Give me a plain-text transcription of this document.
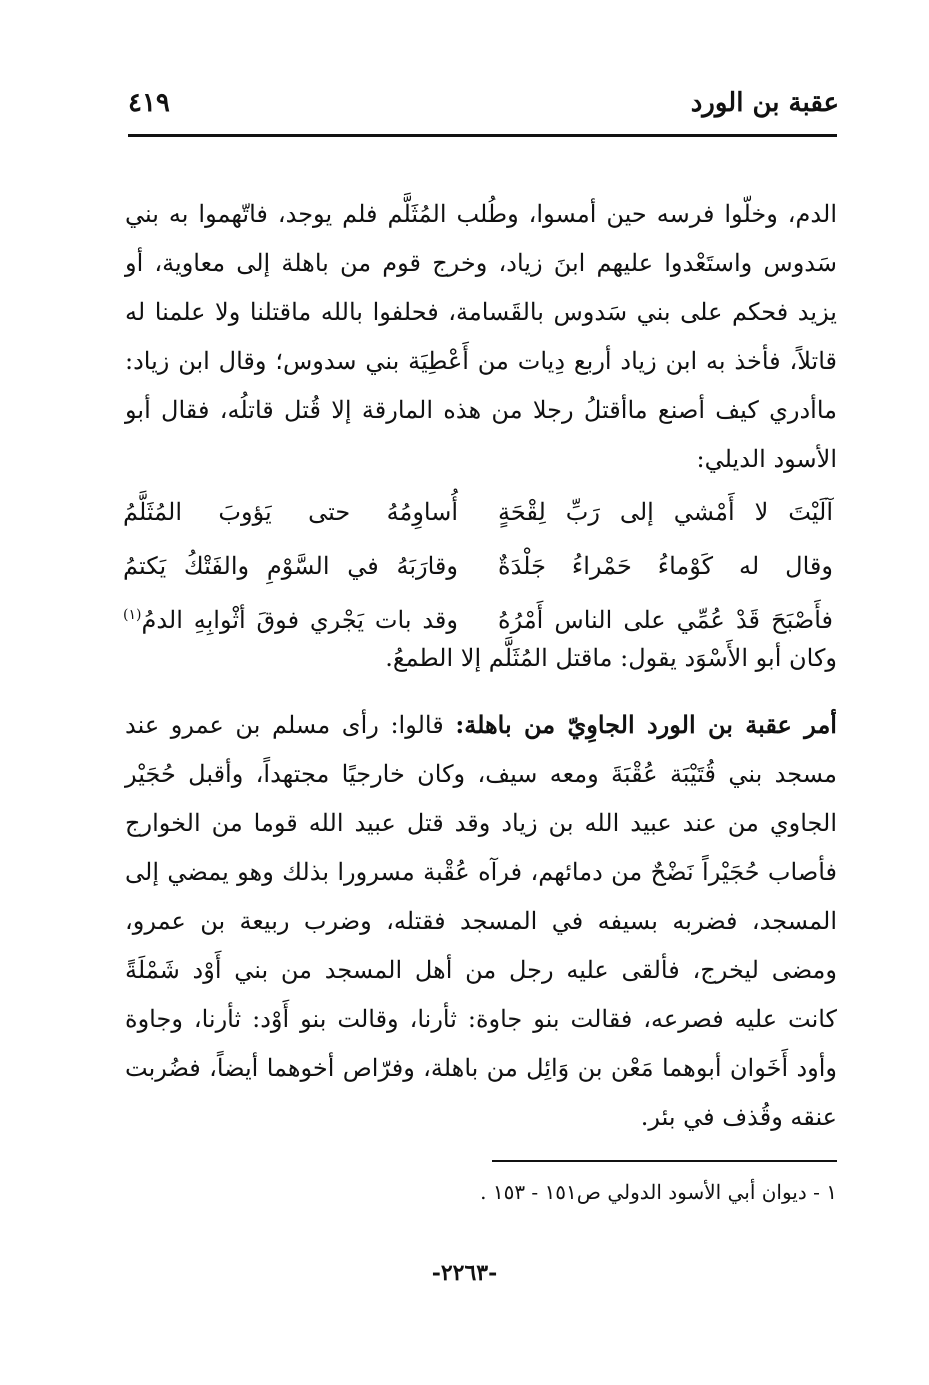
عقبة بن الورد
٤١٩
الدم، وخلّوا فرسه حين أمسوا، وطُلب المُثَلَّم فلم يوجد، فاتّهموا به بني سَدوس واستَعْدوا عليهم ابنَ زياد، وخرج قوم من باهلة إلى معاوية، أو يزيد فحكم على بني سَدوس بالقَسامة، فحلفوا بالله ماقتلنا ولا علمنا له قاتلاً، فأخذ به ابن زياد أربع دِيات من أَعْطِيَة بني سدوس؛ وقال ابن زياد: ماأدري كيف أصنع ماأقتلُ رجلا من هذه المارقة إلا قُتل قاتلُه، فقال أبو الأسود الديلي:
آلَيْتَ لا أَمْشي إلى رَبِّ لِقْحَةٍ
أُساوِمُهُ حتى يَؤوبَ المُثَلَّمُ
وقال له كَوْماءُ حَمْراءُ جَلْدَةٌ
وقارَبَهُ في السَّوْمِ والفَتْكُ يَكتمُ
فأَصْبَحَ قَدْ عُمِّي على الناس أَمْرُهُ
وقد بات يَجْري فوقَ أثْوابِهِ الدمُ$^{(١)}$
وكان أبو الأَسْوَد يقول: ماقتل المُثَلَّم إلا الطمعُ.
أمر عقبة بن الورد الجاوِيّ من باهلة: قالوا: رأى مسلم بن عمرو عند مسجد بني قُتَيْبَة عُقْبَةَ ومعه سيف، وكان خارجيًا مجتهداً، وأقبل حُجَيْر الجاوي من عند عبيد الله بن زياد وقد قتل عبيد الله قوما من الخوارج فأصاب حُجَيْراً نَضْحٌ من دمائهم، فرآه عُقْبة مسرورا بذلك وهو يمضي إلى المسجد، فضربه بسيفه في المسجد فقتله، وضرب ربيعة بن عمرو، ومضى ليخرج، فألقى عليه رجل من أهل المسجد من بني أَوْد شَمْلَةً كانت عليه فصرعه، فقالت بنو جاوة: ثأرنا، وقالت بنو أَوْد: ثأرنا، وجاوة وأود أَخَوان أبوهما مَعْن بن وَائِل من باهلة، وفرّاص أخوهما أيضاً، فضُربت عنقه وقُذف في بئر.
١ - ديوان أبي الأسود الدولي ص١٥١ - ١٥٣ .
-٢٢٦٣-
